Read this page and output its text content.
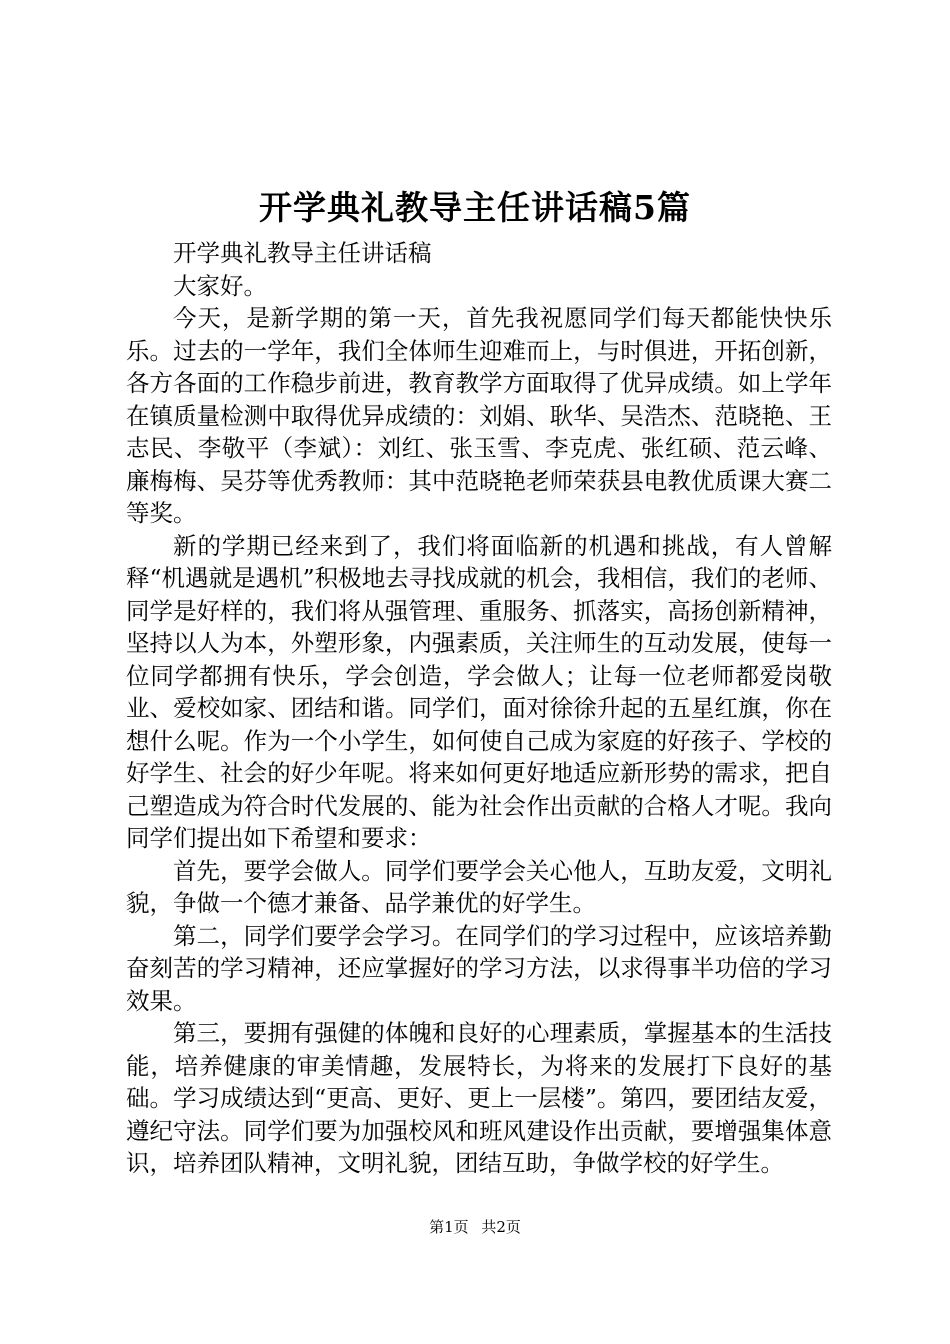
开学典礼教导主任讲话稿5篇

开学典礼教导主任讲话稿

大家好。

今天，是新学期的第一天，首先我祝愿同学们每天都能快快乐乐。过去的一学年，我们全体师生迎难而上，与时俱进，开拓创新，各方各面的工作稳步前进，教育教学方面取得了优异成绩。如上学年在镇质量检测中取得优异成绩的：刘娟、耿华、吴浩杰、范晓艳、王志民、李敬平（李斌）：刘红、张玉雪、李克虎、张红硕、范云峰、廉梅梅、吴芬等优秀教师：其中范晓艳老师荣获县电教优质课大赛二等奖。

新的学期已经来到了，我们将面临新的机遇和挑战，有人曾解释“机遇就是遇机”积极地去寻找成就的机会，我相信，我们的老师、同学是好样的，我们将从强管理、重服务、抓落实，高扬创新精神，坚持以人为本，外塑形象，内强素质，关注师生的互动发展，使每一位同学都拥有快乐，学会创造，学会做人；让每一位老师都爱岗敬业、爱校如家、团结和谐。同学们，面对徐徐升起的五星红旗，你在想什么呢。作为一个小学生，如何使自己成为家庭的好孩子、学校的好学生、社会的好少年呢。将来如何更好地适应新形势的需求，把自己塑造成为符合时代发展的、能为社会作出贡献的合格人才呢。我向同学们提出如下希望和要求：

首先，要学会做人。同学们要学会关心他人，互助友爱，文明礼貌，争做一个德才兼备、品学兼优的好学生。

第二，同学们要学会学习。在同学们的学习过程中，应该培养勤奋刻苦的学习精神，还应掌握好的学习方法，以求得事半功倍的学习效果。

第三，要拥有强健的体魄和良好的心理素质，掌握基本的生活技能，培养健康的审美情趣，发展特长，为将来的发展打下良好的基础。学习成绩达到“更高、更好、更上一层楼”。第四，要团结友爱，遵纪守法。同学们要为加强校风和班风建设作出贡献，要增强集体意识，培养团队精神，文明礼貌，团结互助，争做学校的好学生。

第1页 共2页
